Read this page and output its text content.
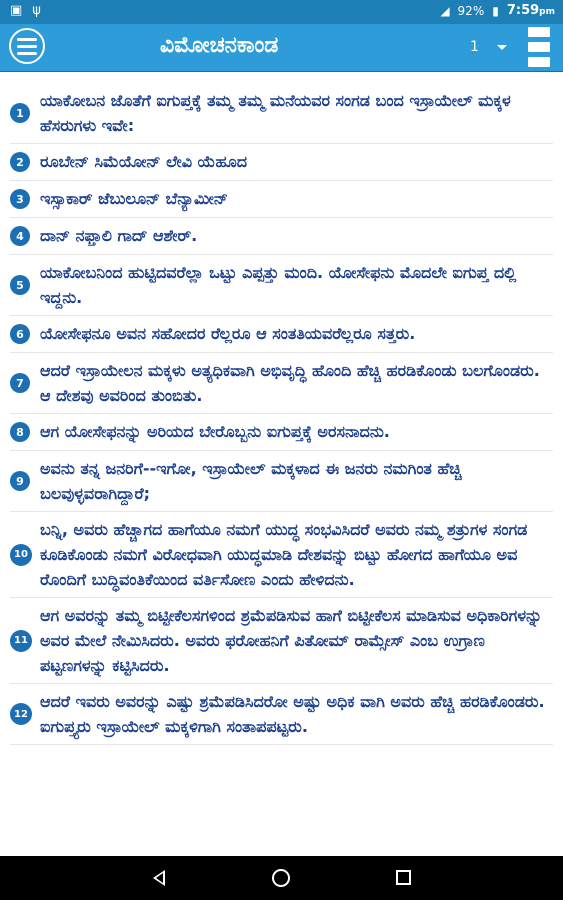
▣ ψ	◢ 92% ▮ 7:59pm
ವಿಮೋಚನಕಾಂಡ	1
1

ಯಾಕೋಬನ ಜೊತೆಗೆ ಐಗುಪ್ತಕ್ಕೆ ತಮ್ಮ ತಮ್ಮ ಮನೆಯವರ ಸಂಗಡ ಬಂದ ಇಸ್ರಾಯೇಲ್ ಮಕ್ಕಳ ಹೆಸರುಗಳು ಇವೇ:

2	ರೂಬೇನ್ ಸಿಮೆಯೋನ್ ಲೇವಿ ಯೆಹೂದ

3	ಇಸ್ಸಾಕಾರ್ ಜೆಬುಲೂನ್ ಬೆನ್ಯಾಮೀನ್

4	ದಾನ್ ನಫ್ತಾಲಿ ಗಾದ್ ಆಶೇರ್.

5

ಯಾಕೋಬನಿಂದ ಹುಟ್ಟಿದವರೆಲ್ಲಾ ಒಟ್ಟು ಎಪ್ಪತ್ತು ಮಂದಿ. ಯೋಸೇಫನು ಮೊದಲೇ ಐಗುಪ್ತ ದಲ್ಲಿ ಇದ್ದನು.

6	ಯೋಸೇಫನೂ ಅವನ ಸಹೋದರ ರೆಲ್ಲರೂ ಆ ಸಂತತಿಯವರೆಲ್ಲರೂ ಸತ್ತರು.

7

ಆದರೆ ಇಸ್ರಾಯೇಲನ ಮಕ್ಕಳು ಅತ್ಯಧಿಕವಾಗಿ ಅಭಿವೃದ್ಧಿ ಹೊಂದಿ ಹೆಚ್ಚಿ ಹರಡಿಕೊಂಡು ಬಲಗೊಂಡರು. ಆ ದೇಶವು ಅವರಿಂದ ತುಂಬಿತು.

8	ಆಗ ಯೋಸೇಫನನ್ನು ಅರಿಯದ ಬೇರೊಬ್ಬನು ಐಗುಪ್ತಕ್ಕೆ ಅರಸನಾದನು.

9

ಅವನು ತನ್ನ ಜನರಿಗೆ--ಇಗೋ, ಇಸ್ರಾಯೇಲ್ ಮಕ್ಕಳಾದ ಈ ಜನರು ನಮಗಿಂತ ಹೆಚ್ಚಿ ಬಲವುಳ್ಳವರಾಗಿದ್ದಾರೆ;

10

ಬನ್ನಿ, ಅವರು ಹೆಚ್ಚಾಗದ ಹಾಗೆಯೂ ನಮಗೆ ಯುದ್ಧ ಸಂಭವಿಸಿದರೆ ಅವರು ನಮ್ಮ ಶತ್ರುಗಳ ಸಂಗಡ ಕೂಡಿಕೊಂಡು ನಮಗೆ ವಿರೋಧವಾಗಿ ಯುದ್ಧಮಾಡಿ ದೇಶವನ್ನು ಬಿಟ್ಟು ಹೋಗದ ಹಾಗೆಯೂ ಅವ ರೊಂದಿಗೆ ಬುದ್ಧಿವಂತಿಕೆಯಿಂದ ವರ್ತಿಸೋಣ ಎಂದು ಹೇಳಿದನು.

11

ಆಗ ಅವರನ್ನು ತಮ್ಮ ಬಿಟ್ಟೀಕೆಲಸಗಳಿಂದ ಶ್ರಮೆಪಡಿಸುವ ಹಾಗೆ ಬಿಟ್ಟೀಕೆಲಸ ಮಾಡಿಸುವ ಅಧಿಕಾರಿಗಳನ್ನು ಅವರ ಮೇಲೆ ನೇಮಿಸಿದರು. ಅವರು ಫರೋಹನಿಗೆ ಪಿತೋಮ್ ರಾಮ್ಸೇಸ್ ಎಂಬ ಉಗ್ರಾಣ ಪಟ್ಟಣಗಳನ್ನು ಕಟ್ಟಿಸಿದರು.

12

ಆದರೆ ಇವರು ಅವರನ್ನು ಎಷ್ಟು ಶ್ರಮೆಪಡಿಸಿದರೋ ಅಷ್ಟು ಅಧಿಕ ವಾಗಿ ಅವರು ಹೆಚ್ಚಿ ಹರಡಿಕೊಂಡರು. ಐಗುಪ್ತ್ಯರು ಇಸ್ರಾಯೇಲ್ ಮಕ್ಕಳಿಗಾಗಿ ಸಂತಾಪಪಟ್ಟರು.
